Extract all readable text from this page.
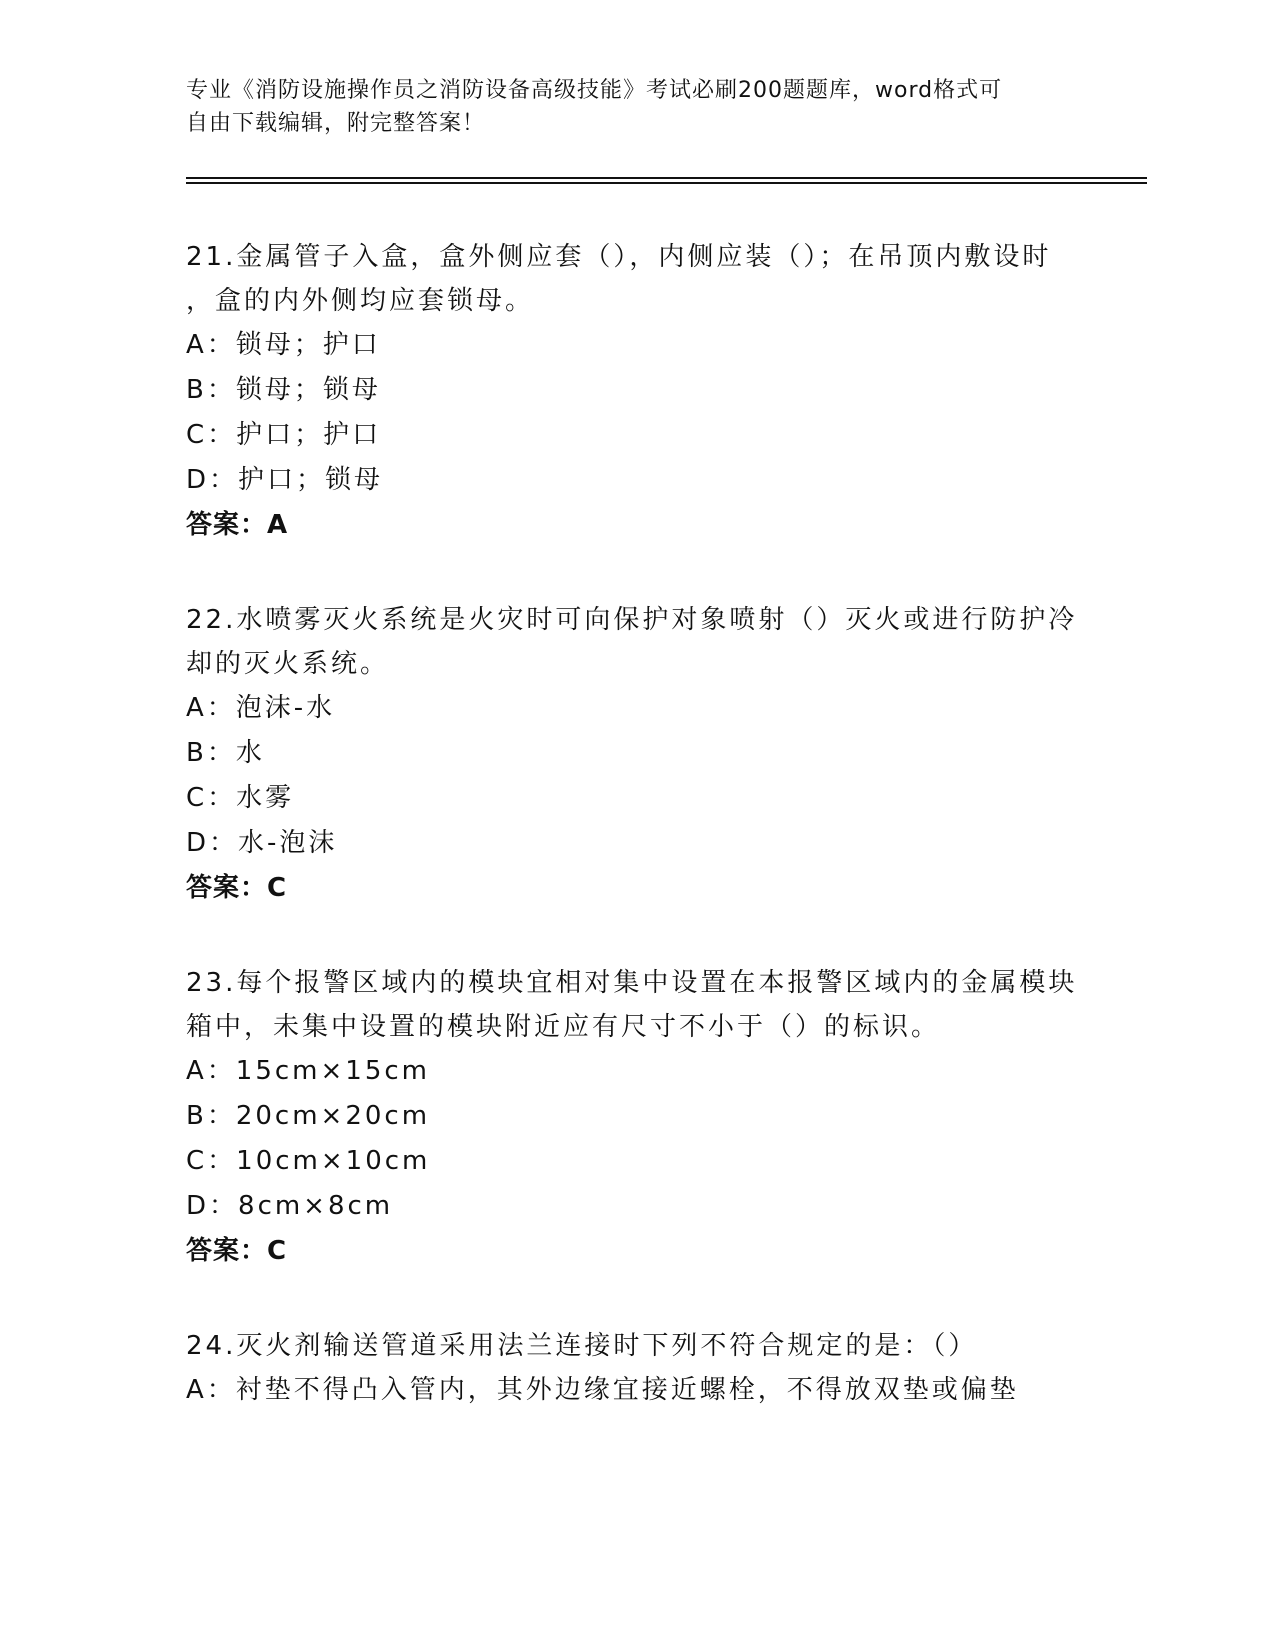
专业《消防设施操作员之消防设备高级技能》考试必刷200题题库，word格式可
自由下载编辑，附完整答案！

21.金属管子入盒，盒外侧应套（），内侧应装（）；在吊顶内敷设时

，盒的内外侧均应套锁母。

A：锁母；护口

B：锁母；锁母

C：护口；护口

D：护口；锁母

答案：A

22.水喷雾灭火系统是火灾时可向保护对象喷射（）灭火或进行防护冷

却的灭火系统。

A：泡沫-水

B：水

C：水雾

D：水-泡沫

答案：C

23.每个报警区域内的模块宜相对集中设置在本报警区域内的金属模块

箱中，未集中设置的模块附近应有尺寸不小于（）的标识。

A：15cm×15cm

B：20cm×20cm

C：10cm×10cm

D：8cm×8cm

答案：C

24.灭火剂输送管道采用法兰连接时下列不符合规定的是：（）

A：衬垫不得凸入管内，其外边缘宜接近螺栓，不得放双垫或偏垫
